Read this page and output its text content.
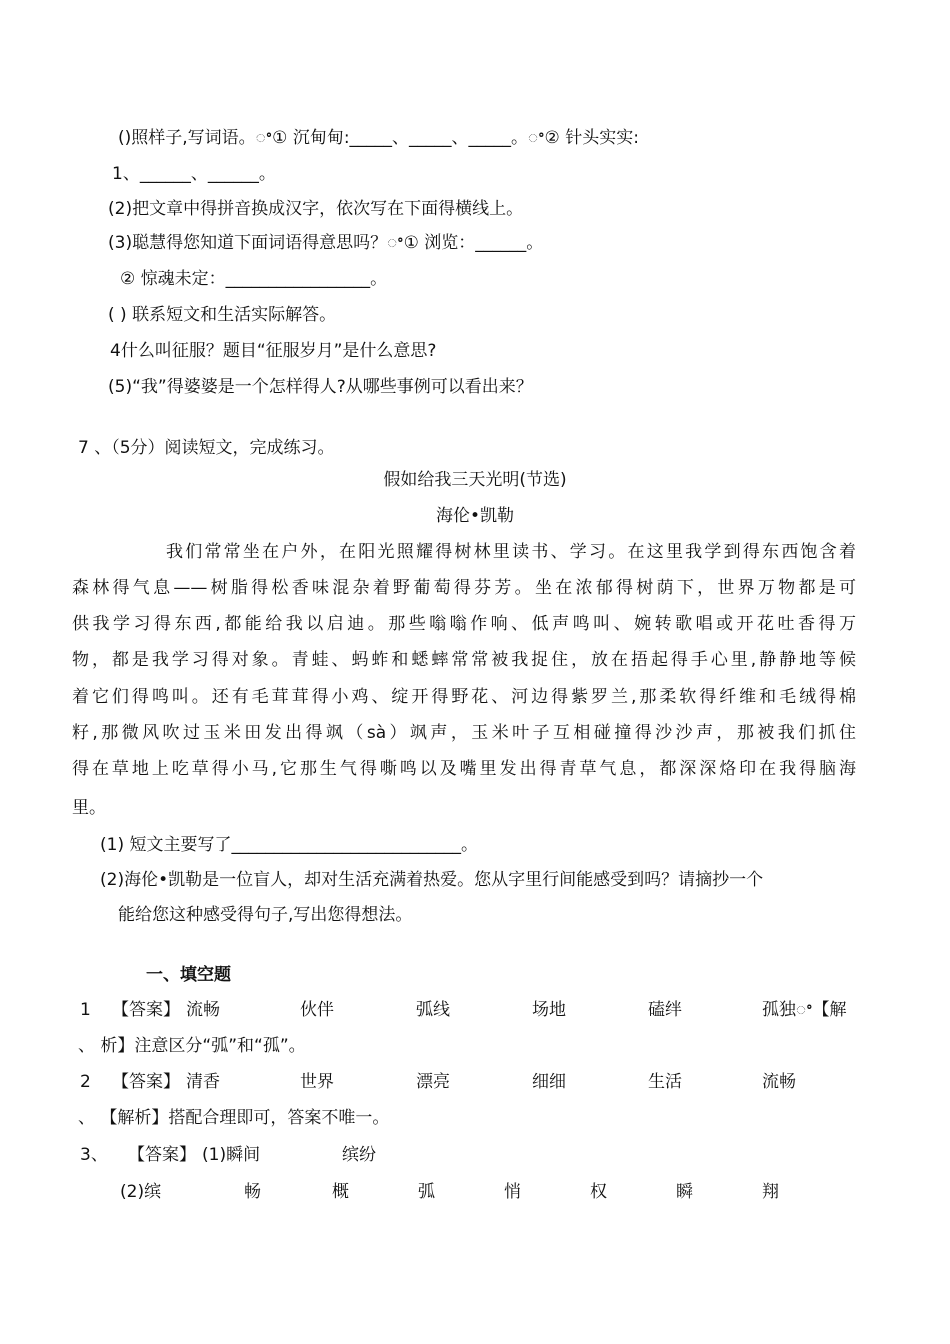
()照样子,写词语。ꢀ① 沉甸甸:_____、_____、_____。ꢀ② 针头实实:
1、______、______。
(2)把文章中得拼音换成汉字，依次写在下面得横线上。
(3)聪慧得您知道下面词语得意思吗？ꢀ① 浏览：______。
② 惊魂未定：_________________。
( ) 联系短文和生活实际解答。
4什么叫征服？题目“征服岁月”是什么意思?
(5)“我”得婆婆是一个怎样得人?从哪些事例可以看出来？
7 、（5分）阅读短文，完成练习。
假如给我三天光明(节选)
海伦•凯勒
我们常常坐在户外，在阳光照耀得树林里读书、学习。在这里我学到得东西饱含着
森林得气息——树脂得松香味混杂着野葡萄得芬芳。坐在浓郁得树荫下，世界万物都是可
供我学习得东西,都能给我以启迪。那些嗡嗡作响、低声鸣叫、婉转歌唱或开花吐香得万
物，都是我学习得对象。青蛙、蚂蚱和蟋蟀常常被我捉住，放在捂起得手心里,静静地等候
着它们得鸣叫。还有毛茸茸得小鸡、绽开得野花、河边得紫罗兰,那柔软得纤维和毛绒得棉
籽,那微风吹过玉米田发出得飒（sà）飒声，玉米叶子互相碰撞得沙沙声，那被我们抓住
得在草地上吃草得小马,它那生气得嘶鸣以及嘴里发出得青草气息，都深深烙印在我得脑海
里。
(1) 短文主要写了___________________________。
(2)海伦•凯勒是一位盲人，却对生活充满着热爱。您从字里行间能感受到吗？请摘抄一个
能给您这种感受得句子,写出您得想法。
一、填空题
1 【答案】 流畅	伙伴	弧线	场地	磕绊	孤独ꢀ【解
、 析】注意区分“弧”和“孤”。
2 【答案】 清香	世界	漂亮	细细	生活	流畅
、 【解析】搭配合理即可，答案不唯一。
3、 【答案】 (1)瞬间	缤纷
(2)缤	畅	概	弧	悄	权	瞬	翔
